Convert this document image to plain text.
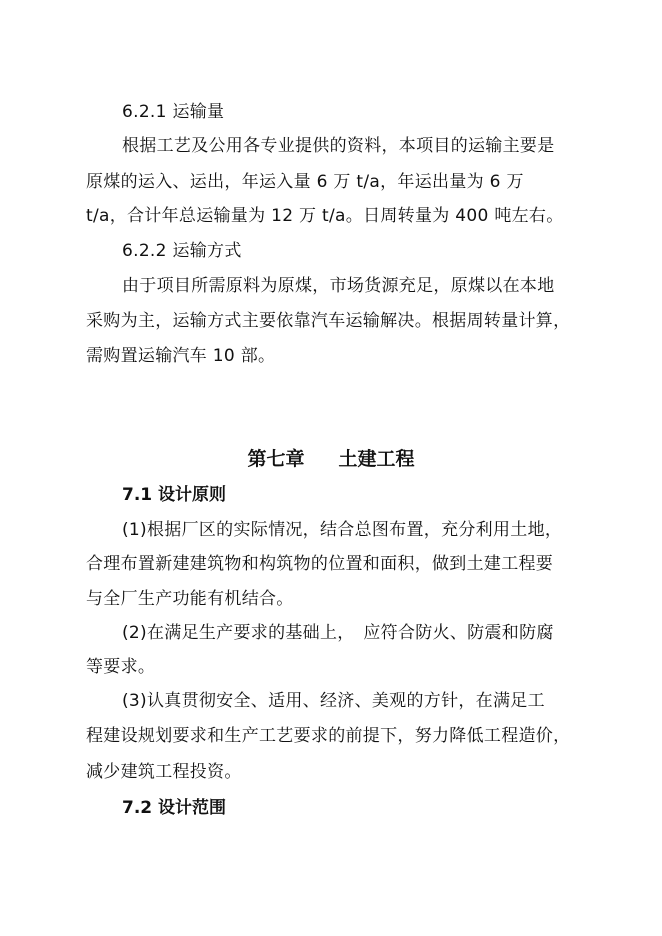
6.2.1 运输量
根据工艺及公用各专业提供的资料，本项目的运输主要是
原煤的运入、运出，年运入量 6 万 t/a，年运出量为 6 万
t/a，合计年总运输量为 12 万 t/a。日周转量为 400 吨左右。
6.2.2 运输方式
由于项目所需原料为原煤，市场货源充足，原煤以在本地
采购为主，运输方式主要依靠汽车运输解决。根据周转量计算，
需购置运输汽车 10 部。
第七章 土建工程
7.1 设计原则
(1)根据厂区的实际情况，结合总图布置，充分利用土地，
合理布置新建建筑物和构筑物的位置和面积，做到土建工程要
与全厂生产功能有机结合。
(2)在满足生产要求的基础上，　应符合防火、防震和防腐
等要求。
(3)认真贯彻安全、适用、经济、美观的方针，在满足工
程建设规划要求和生产工艺要求的前提下，努力降低工程造价，
减少建筑工程投资。
7.2 设计范围
